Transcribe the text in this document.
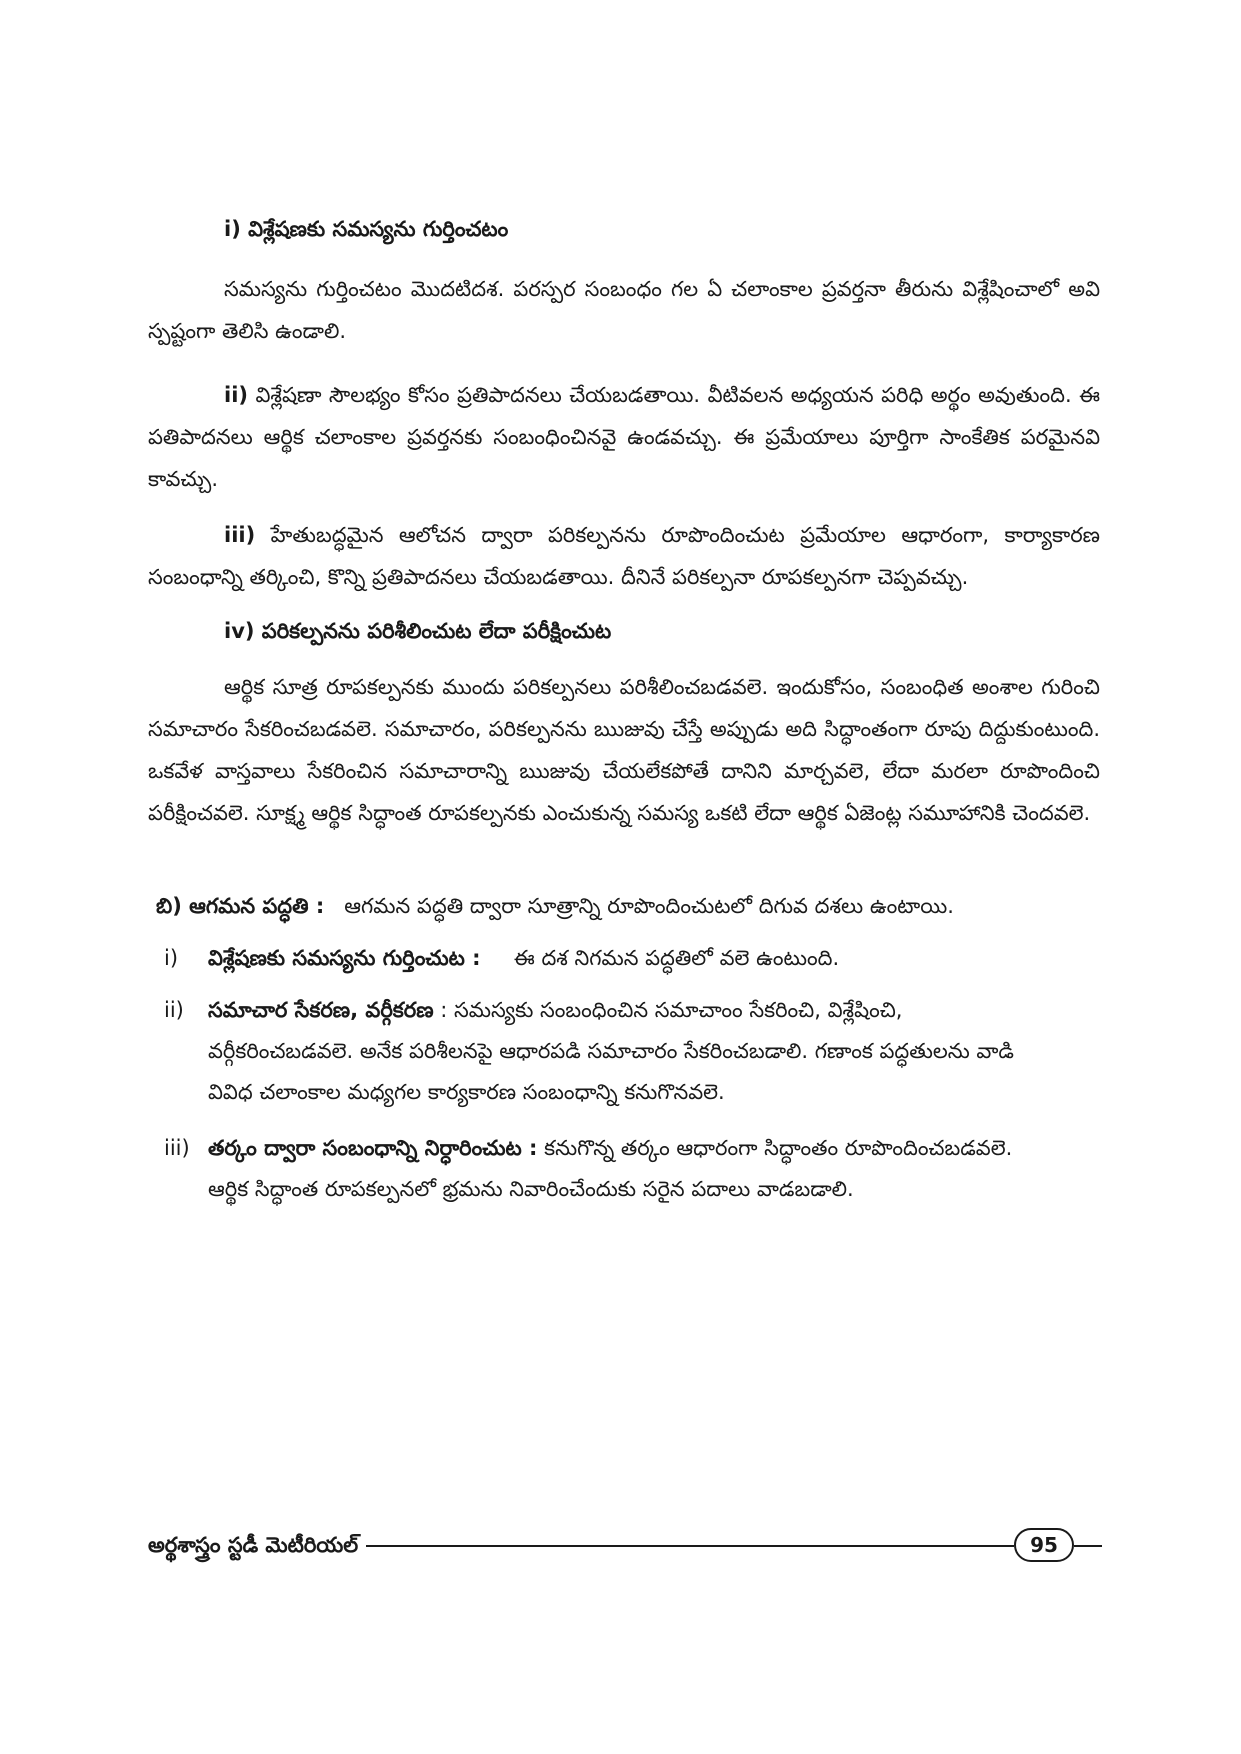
i) విశ్లేషణకు సమస్యను గుర్తించటం
సమస్యను గుర్తించటం మొదటిదశ. పరస్పర సంబంధం గల ఏ చలాంకాల ప్రవర్తనా తీరును విశ్లేషించాలో అవి స్పష్టంగా తెలిసి ఉండాలి.
ii) విశ్లేషణా సౌలభ్యం కోసం ప్రతిపాదనలు చేయబడతాయి. వీటివలన అధ్యయన పరిధి అర్థం అవుతుంది. ఈ పతిపాదనలు ఆర్థిక చలాంకాల ప్రవర్తనకు సంబంధించినవై ఉండవచ్చు. ఈ ప్రమేయాలు పూర్తిగా సాంకేతిక పరమైనవి కావచ్చు.
iii) హేతుబద్ధమైన ఆలోచన ద్వారా పరికల్పనను రూపొందించుట ప్రమేయాల ఆధారంగా, కార్యాకారణ సంబంధాన్ని తర్కించి, కొన్ని ప్రతిపాదనలు చేయబడతాయి. దీనినే పరికల్పనా రూపకల్పనగా చెప్పవచ్చు.
iv) పరికల్పనను పరిశీలించుట లేదా పరీక్షించుట
ఆర్థిక సూత్ర రూపకల్పనకు ముందు పరికల్పనలు పరిశీలించబడవలె. ఇందుకోసం, సంబంధిత అంశాల గురించి సమాచారం సేకరించబడవలె. సమాచారం, పరికల్పనను ఋజువు చేస్తే అప్పుడు అది సిద్ధాంతంగా రూపు దిద్దుకుంటుంది. ఒకవేళ వాస్తవాలు సేకరించిన సమాచారాన్ని ఋజువు చేయలేకపోతే దానిని మార్చవలె, లేదా మరలా రూపొందించి పరీక్షించవలె. సూక్ష్మ ఆర్థిక సిద్ధాంత రూపకల్పనకు ఎంచుకున్న సమస్య ఒకటి లేదా ఆర్థిక ఏజెంట్ల సమూహానికి చెందవలె.
బి) ఆగమన పద్ధతి : ఆగమన పద్ధతి ద్వారా సూత్రాన్ని రూపొందించుటలో దిగువ దశలు ఉంటాయి.
i) విశ్లేషణకు సమస్యను గుర్తించుట : ఈ దశ నిగమన పద్ధతిలో వలె ఉంటుంది.
ii) సమాచార సేకరణ, వర్గీకరణ : సమస్యకు సంబంధించిన సమాచాంం సేకరించి, విశ్లేషించి, వర్గీకరించబడవలె. అనేక పరిశీలనపై ఆధారపడి సమాచారం సేకరించబడాలి. గణాంక పద్ధతులను వాడి వివిధ చలాంకాల మధ్యగల కార్యకారణ సంబంధాన్ని కనుగొనవలె.
iii) తర్కం ద్వారా సంబంధాన్ని నిర్ధారించుట : కనుగొన్న తర్కం ఆధారంగా సిద్ధాంతం రూపొందించబడవలె. ఆర్థిక సిద్ధాంత రూపకల్పనలో భ్రమను నివారించేందుకు సరైన పదాలు వాడబడాలి.
అర్థశాస్త్రం స్టడీ మెటీరియల్	95
